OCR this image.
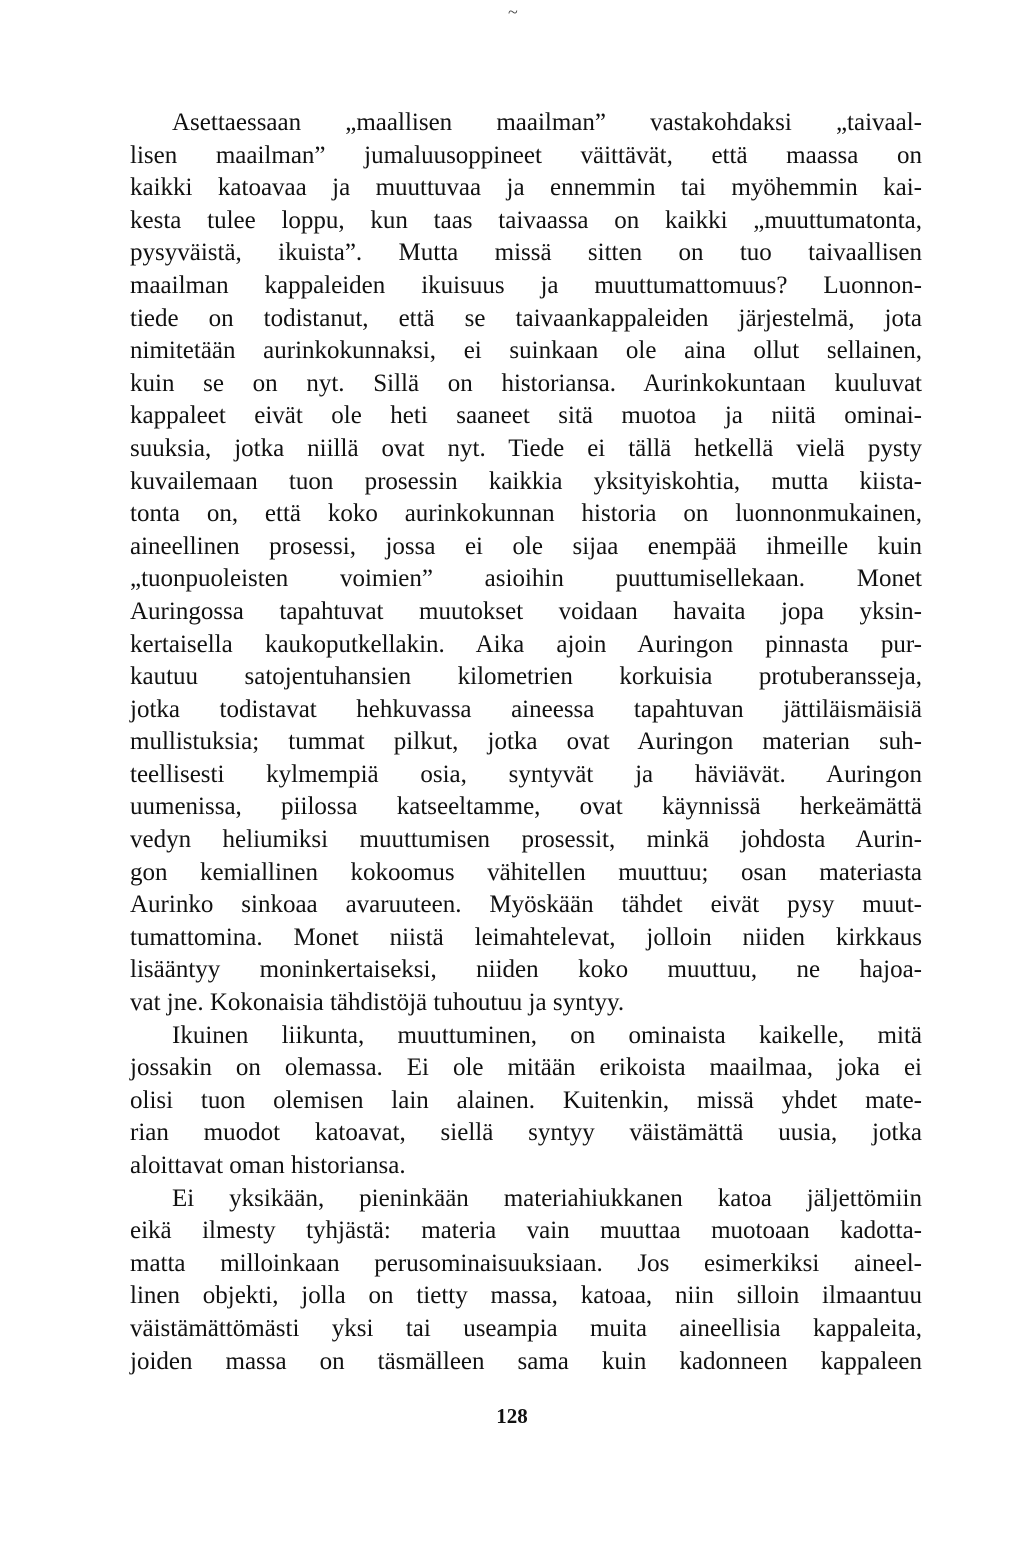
~
Asettaessaan „maallisen maailman” vastakohdaksi „taivaal-
lisen maailman” jumaluusoppineet väittävät, että maassa on
kaikki katoavaa ja muuttuvaa ja ennemmin tai myöhemmin kai-
kesta tulee loppu, kun taas taivaassa on kaikki „muuttumatonta,
pysyväistä, ikuista”. Mutta missä sitten on tuo taivaallisen
maailman kappaleiden ikuisuus ja muuttumattomuus? Luonnon-
tiede on todistanut, että se taivaankappaleiden järjestelmä, jota
nimitetään aurinkokunnaksi, ei suinkaan ole aina ollut sellainen,
kuin se on nyt. Sillä on historiansa. Aurinkokuntaan kuuluvat
kappaleet eivät ole heti saaneet sitä muotoa ja niitä ominai-
suuksia, jotka niillä ovat nyt. Tiede ei tällä hetkellä vielä pysty
kuvailemaan tuon prosessin kaikkia yksityiskohtia, mutta kiista-
tonta on, että koko aurinkokunnan historia on luonnonmukainen,
aineellinen prosessi, jossa ei ole sijaa enempää ihmeille kuin
„tuonpuoleisten voimien” asioihin puuttumisellekaan. Monet
Auringossa tapahtuvat muutokset voidaan havaita jopa yksin-
kertaisella kaukoputkellakin. Aika ajoin Auringon pinnasta pur-
kautuu satojentuhansien kilometrien korkuisia protuberansseja,
jotka todistavat hehkuvassa aineessa tapahtuvan jättiläismäisiä
mullistuksia; tummat pilkut, jotka ovat Auringon materian suh-
teellisesti kylmempiä osia, syntyvät ja häviävät. Auringon
uumenissa, piilossa katseeltamme, ovat käynnissä herkeämättä
vedyn heliumiksi muuttumisen prosessit, minkä johdosta Aurin-
gon kemiallinen kokoomus vähitellen muuttuu; osan materiasta
Aurinko sinkoaa avaruuteen. Myöskään tähdet eivät pysy muut-
tumattomina. Monet niistä leimahtelevat, jolloin niiden kirkkaus
lisääntyy moninkertaiseksi, niiden koko muuttuu, ne hajoa-
vat jne. Kokonaisia tähdistöjä tuhoutuu ja syntyy.
Ikuinen liikunta, muuttuminen, on ominaista kaikelle, mitä
jossakin on olemassa. Ei ole mitään erikoista maailmaa, joka ei
olisi tuon olemisen lain alainen. Kuitenkin, missä yhdet mate-
rian muodot katoavat, siellä syntyy väistämättä uusia, jotka
aloittavat oman historiansa.
Ei yksikään, pieninkään materiahiukkanen katoa jäljettömiin
eikä ilmesty tyhjästä: materia vain muuttaa muotoaan kadotta-
matta milloinkaan perusominaisuuksiaan. Jos esimerkiksi aineel-
linen objekti, jolla on tietty massa, katoaa, niin silloin ilmaantuu
väistämättömästi yksi tai useampia muita aineellisia kappaleita,
joiden massa on täsmälleen sama kuin kadonneen kappaleen
128
